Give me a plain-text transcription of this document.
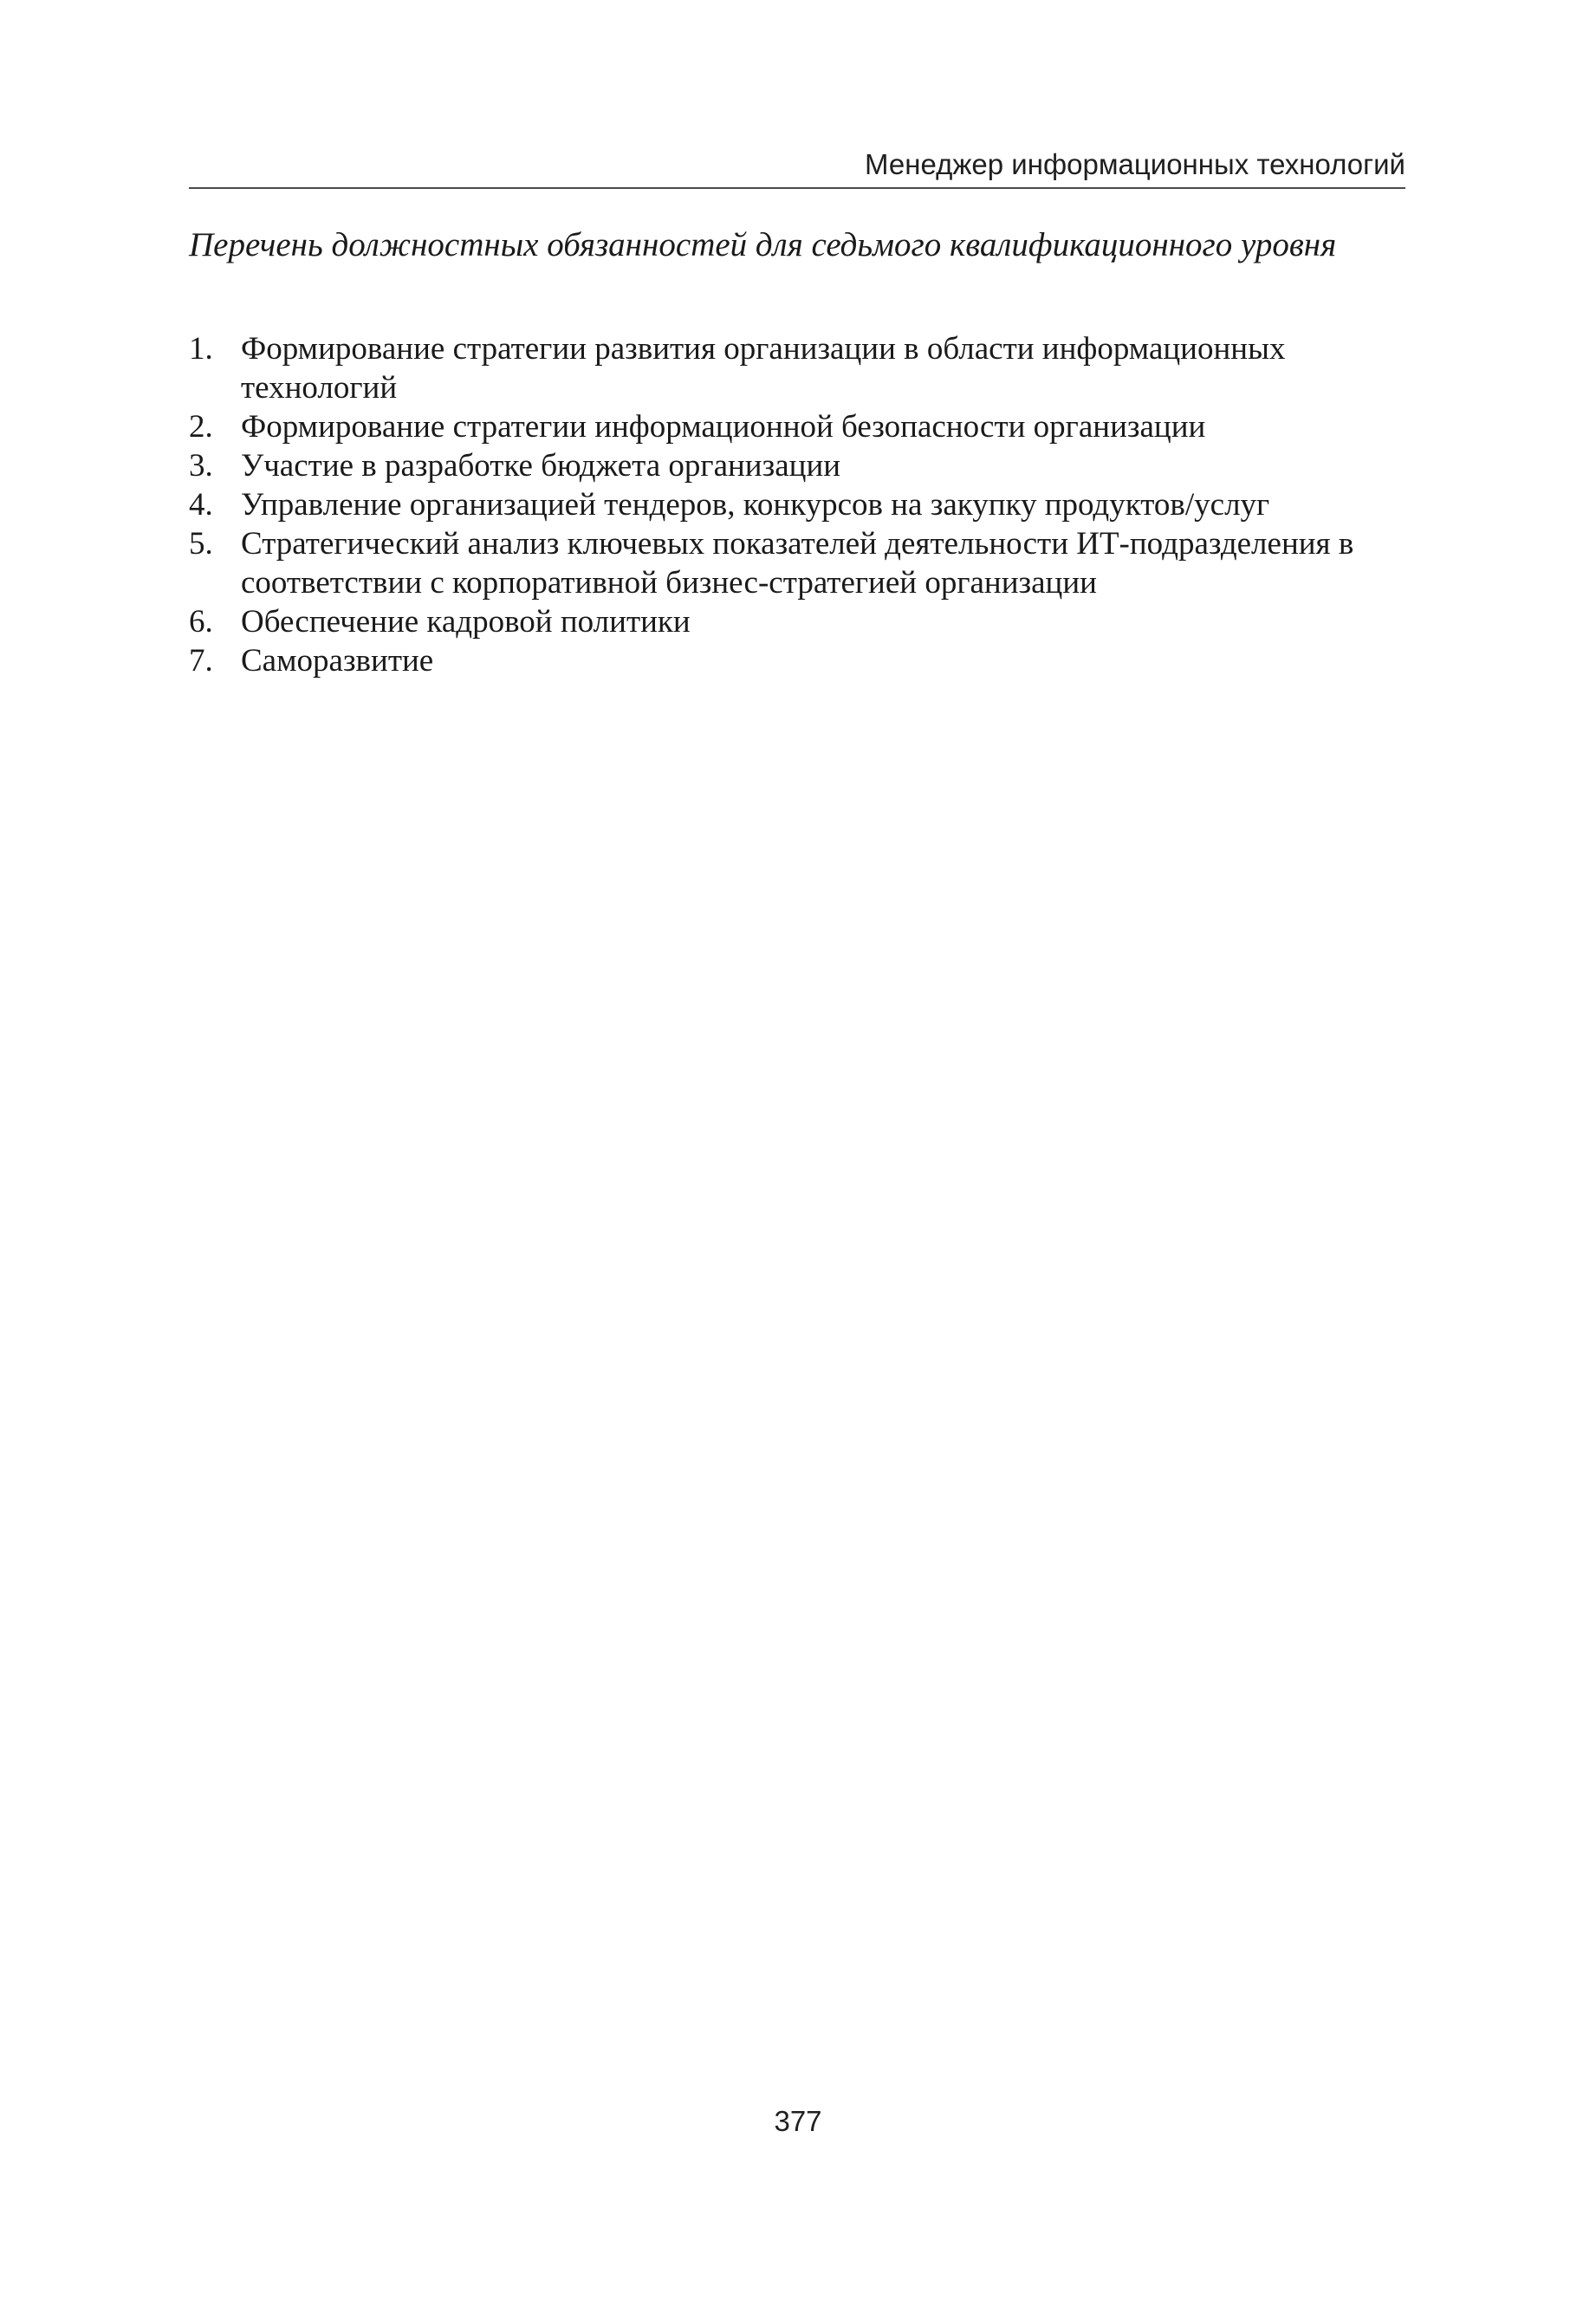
Менеджер информационных технологий
Перечень должностных обязанностей для седьмого квалификационного уровня
1. Формирование стратегии развития организации в области информационных технологий
2. Формирование стратегии информационной безопасности организации
3. Участие в разработке бюджета организации
4. Управление организацией тендеров, конкурсов на закупку продуктов/услуг
5. Стратегический анализ ключевых показателей деятельности ИТ-подразделения в соответствии с корпоративной бизнес-стратегией организации
6. Обеспечение кадровой политики
7. Саморазвитие
377
